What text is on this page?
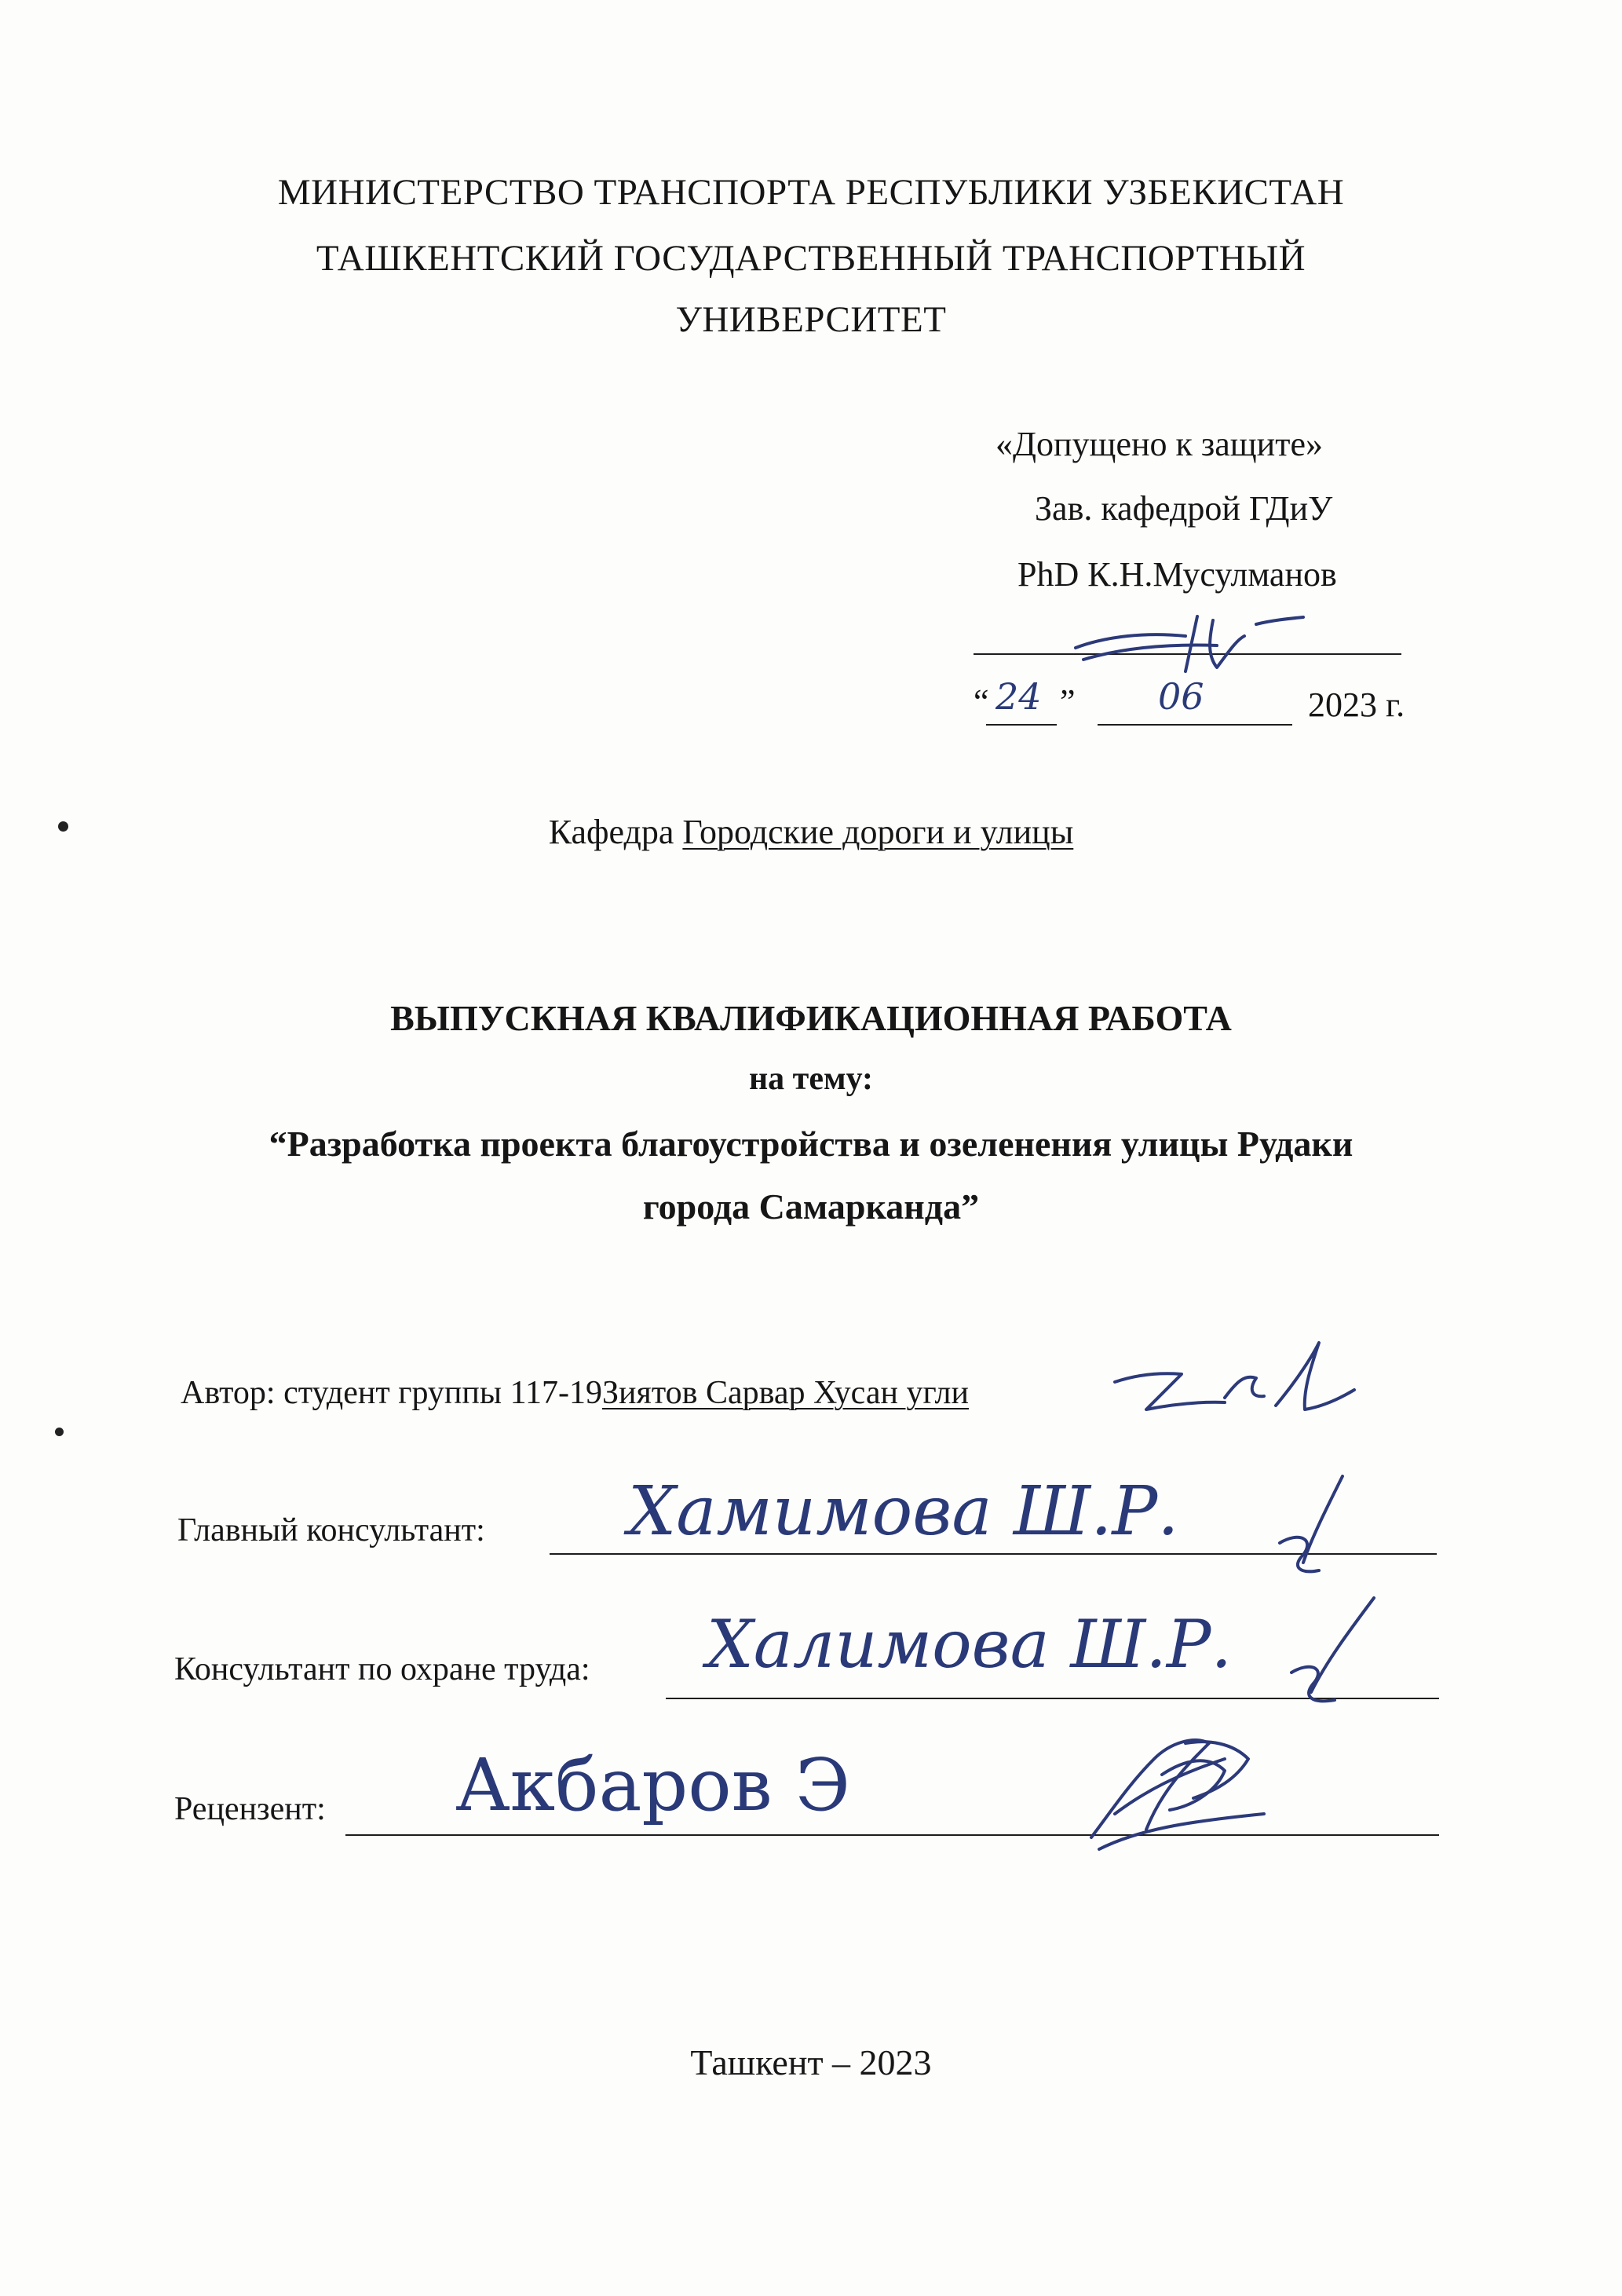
МИНИСТЕРСТВО ТРАНСПОРТА РЕСПУБЛИКИ УЗБЕКИСТАН
ТАШКЕНТСКИЙ ГОСУДАРСТВЕННЫЙ ТРАНСПОРТНЫЙ
УНИВЕРСИТЕТ
«Допущено к защите»
Зав. кафедрой ГДиУ
PhD К.Н.Мусулманов
“ 24 ” 06	2023 г.
Кафедра Городские дороги и улицы
ВЫПУСКНАЯ КВАЛИФИКАЦИОННАЯ РАБОТА
на тему:
“Разработка проекта благоустройства и озеленения улицы Рудаки
города Самарканда”
Автор: студент группы 117-19Зиятов Сарвар Хусан угли
Главный консультант: Хамимова Ш.Р.
Консультант по охране труда: Халимова Ш.Р.
Рецензент: Акбаров Э
Ташкент – 2023
